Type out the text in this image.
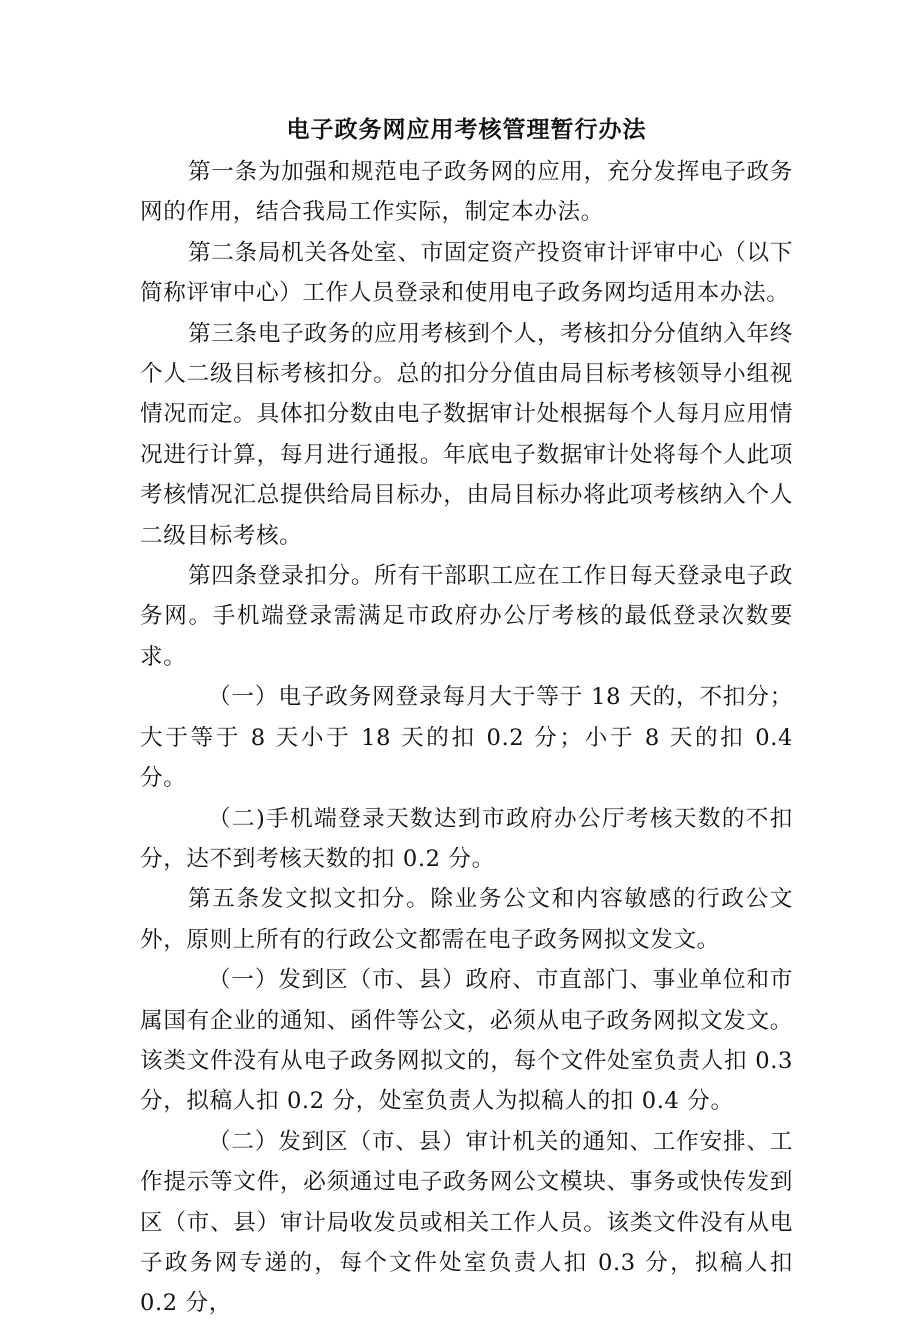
电子政务网应用考核管理暂行办法

第一条为加强和规范电子政务网的应用，充分发挥电子政务网的作用，结合我局工作实际，制定本办法。

第二条局机关各处室、市固定资产投资审计评审中心（以下简称评审中心）工作人员登录和使用电子政务网均适用本办法。

第三条电子政务的应用考核到个人，考核扣分分值纳入年终个人二级目标考核扣分。总的扣分分值由局目标考核领导小组视情况而定。具体扣分数由电子数据审计处根据每个人每月应用情况进行计算，每月进行通报。年底电子数据审计处将每个人此项考核情况汇总提供给局目标办，由局目标办将此项考核纳入个人二级目标考核。

第四条登录扣分。所有干部职工应在工作日每天登录电子政务网。手机端登录需满足市政府办公厅考核的最低登录次数要求。

（一）电子政务网登录每月大于等于 18 天的，不扣分；大于等于 8 天小于 18 天的扣 0.2 分；小于 8 天的扣 0.4 分。

（二)手机端登录天数达到市政府办公厅考核天数的不扣分，达不到考核天数的扣 0.2 分。

第五条发文拟文扣分。除业务公文和内容敏感的行政公文外，原则上所有的行政公文都需在电子政务网拟文发文。

（一）发到区（市、县）政府、市直部门、事业单位和市属国有企业的通知、函件等公文，必须从电子政务网拟文发文。该类文件没有从电子政务网拟文的，每个文件处室负责人扣 0.3 分，拟稿人扣 0.2 分，处室负责人为拟稿人的扣 0.4 分。

（二）发到区（市、县）审计机关的通知、工作安排、工作提示等文件，必须通过电子政务网公文模块、事务或快传发到区（市、县）审计局收发员或相关工作人员。该类文件没有从电子政务网专递的，每个文件处室负责人扣 0.3 分，拟稿人扣 0.2 分，
